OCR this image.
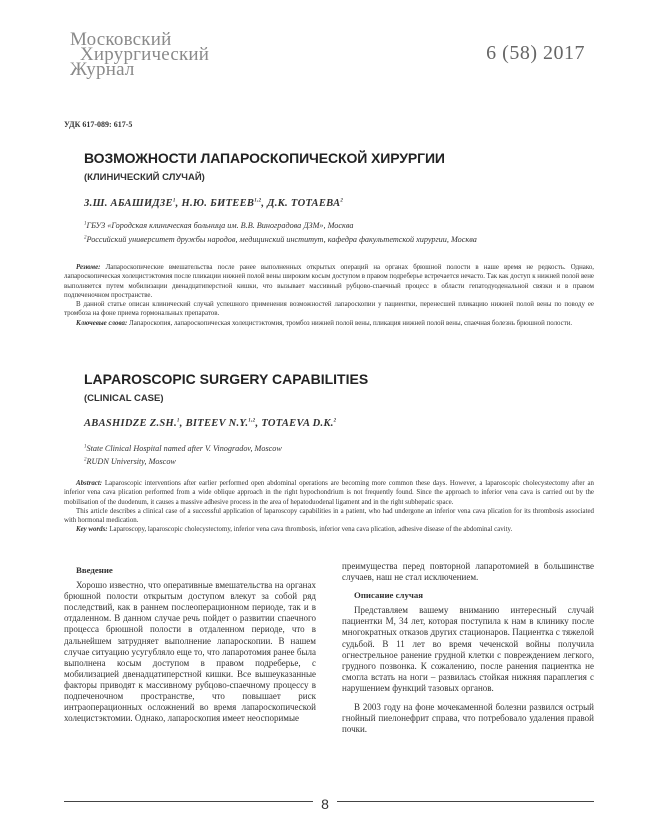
Московский
Хирургический
Журнал
6 (58) 2017
УДК 617-089: 617-5
ВОЗМОЖНОСТИ ЛАПАРОСКОПИЧЕСКОЙ ХИРУРГИИ
(КЛИНИЧЕСКИЙ СЛУЧАЙ)
З.Ш. АБАШИДЗЕ$^1$, Н.Ю. БИТЕЕВ$^{1,2}$, Д.К. ТОТАЕВА$^2$
$^1$ГБУЗ «Городская клиническая больница им. В.В. Виноградова ДЗМ», Москва
$^2$Российский университет дружбы народов, медицинский институт, кафедра факультетской хирургии, Москва

Резюме: Лапароскопические вмешательства после ранее выполненных открытых операций на органах брюшной полости в наше время не редкость. Однако, лапароскопическая холецистэктомия после пликации нижней полой вены широким косым доступом в правом подреберье встречается нечасто. Так как доступ к нижней полой вене выполняется путем мобилизации двенадцатиперстной кишки, что вызывает массивный рубцово-спаечный процесс в области гепатодуоденальной связки и в правом подпеченочном пространстве.

В данной статье описан клинический случай успешного применения возможностей лапароскопии у пациентки, перенесшей пликацию нижней полой вены по поводу ее тромбоза на фоне приема гормональных препаратов.

Ключевые слова: Лапароскопия, лапароскопическая холецистэктомия, тромбоз нижней полой вены, пликация нижней полой вены, спаечная болезнь брюшной полости.

LAPAROSCOPIC SURGERY CAPABILITIES
(CLINICAL CASE)
ABASHIDZE Z.SH.$^1$, BITEEV N.Y.$^{1,2}$, TOTAEVA D.K.$^2$
$^1$State Clinical Hospital named after V. Vinogradov, Moscow
$^2$RUDN University, Moscow

Abstract: Laparoscopic interventions after earlier performed open abdominal operations are becoming more common these days. However, a laparoscopic cholecystectomy after an inferior vena cava plication performed from a wide oblique approach in the right hypochondrium is not frequently found. Since the approach to inferior vena cava is carried out by the mobilisation of the duodenum, it causes a massive adhesive process in the area of hepatoduodenal ligament and in the right subhepatic space.

This article describes a clinical case of a successful application of laparoscopy capabilities in a patient, who had undergone an inferior vena cava plication for its thrombosis associated with hormonal medication.

Key words: Laparoscopy, laparoscopic cholecystectomy, inferior vena cava thrombosis, inferior vena cava plication, adhesive disease of the abdominal cavity.

Введение

Хорошо известно, что оперативные вмешательства на органах брюшной полости открытым доступом влекут за собой ряд последствий, как в раннем послеоперационном периоде, так и в отдаленном. В данном случае речь пойдет о развитии спаечного процесса брюшной полости в отдаленном периоде, что в дальнейшем затрудняет выполнение лапароскопии. В нашем случае ситуацию усугубляло еще то, что лапаротомия ранее была выполнена косым доступом в правом подреберье, с мобилизацией двенадцатиперстной кишки. Все вышеуказанные факторы приводят к массивному рубцово-спаечному процессу в подпеченочном пространстве, что повышает риск интраоперационных осложнений во время лапароскопической холецистэктомии. Однако, лапароскопия имеет неоспоримые

преимущества перед повторной лапаротомией в большинстве случаев, наш не стал исключением.

Описание случая

Представляем вашему вниманию интересный случай пациентки М, 34 лет, которая поступила к нам в клинику после многократных отказов других стационаров. Пациентка с тяжелой судьбой. В 11 лет во время чеченской войны получила огнестрельное ранение грудной клетки с повреждением легкого, грудного позвонка. К сожалению, после ранения пациентка не смогла встать на ноги – развилась стойкая нижняя параплегия с нарушением функций тазовых органов.

В 2003 году на фоне мочекаменной болезни развился острый гнойный пиелонефрит справа, что потребовало удаления правой почки.

8
